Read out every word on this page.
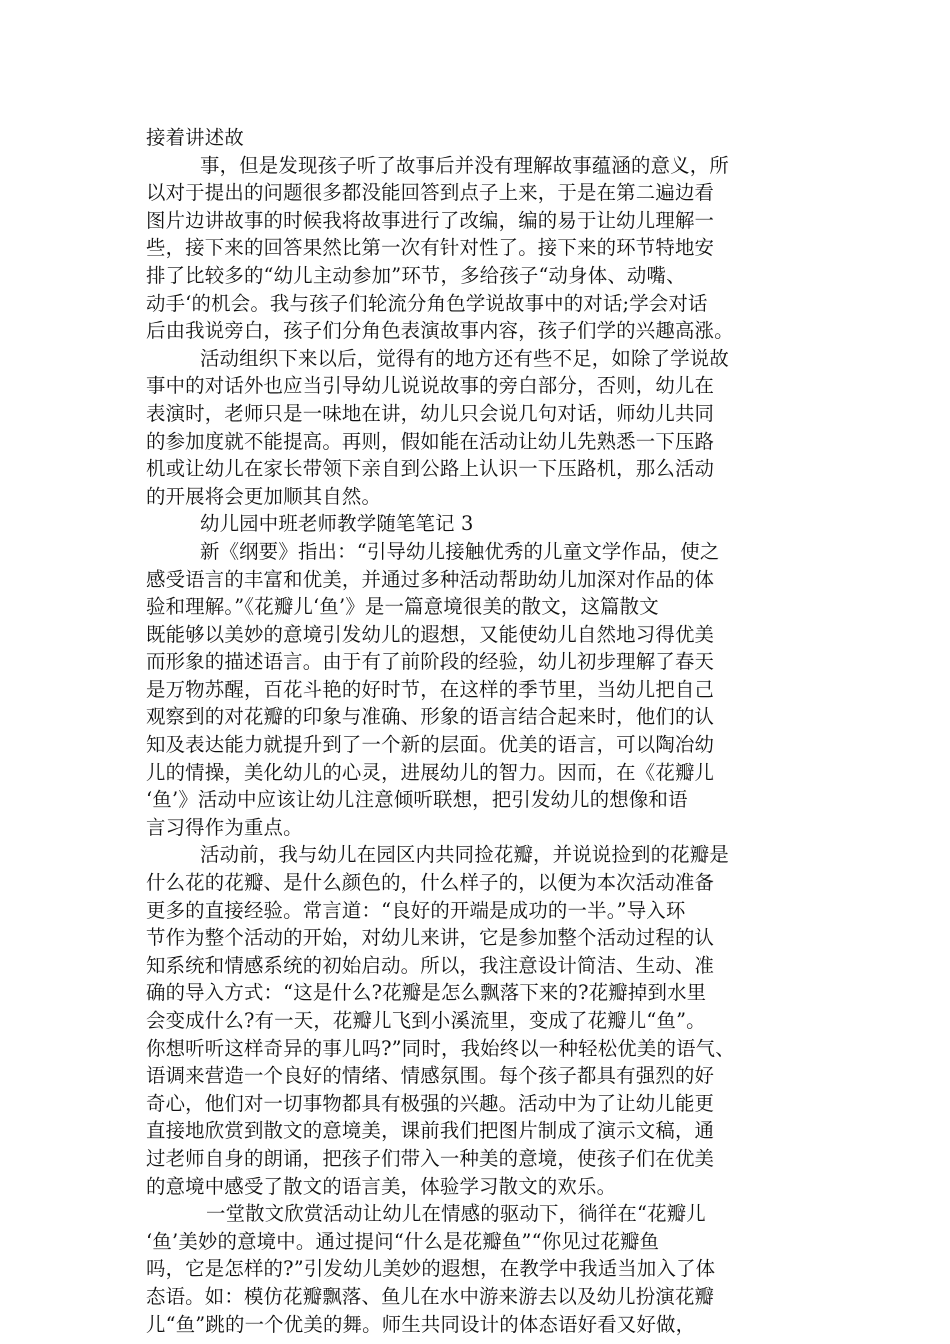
接着讲述故
事，但是发现孩子听了故事后并没有理解故事蕴涵的意义，所
以对于提出的问题很多都没能回答到点子上来，于是在第二遍边看
图片边讲故事的时候我将故事进行了改编，编的易于让幼儿理解一
些，接下来的回答果然比第一次有针对性了。接下来的环节特地安
排了比较多的“幼儿主动参加”环节，多给孩子“动身体、动嘴、
动手‘的机会。我与孩子们轮流分角色学说故事中的对话;学会对话
后由我说旁白，孩子们分角色表演故事内容，孩子们学的兴趣高涨。
活动组织下来以后，觉得有的地方还有些不足，如除了学说故
事中的对话外也应当引导幼儿说说故事的旁白部分，否则，幼儿在
表演时，老师只是一味地在讲，幼儿只会说几句对话，师幼儿共同
的参加度就不能提高。再则，假如能在活动让幼儿先熟悉一下压路
机或让幼儿在家长带领下亲自到公路上认识一下压路机，那么活动
的开展将会更加顺其自然。
幼儿园中班老师教学随笔笔记 3
新《纲要》指出：“引导幼儿接触优秀的儿童文学作品，使之
感受语言的丰富和优美，并通过多种活动帮助幼儿加深对作品的体
验和理解。”《花瓣儿‘鱼’》是一篇意境很美的散文，这篇散文
既能够以美妙的意境引发幼儿的遐想，又能使幼儿自然地习得优美
而形象的描述语言。由于有了前阶段的经验，幼儿初步理解了春天
是万物苏醒，百花斗艳的好时节，在这样的季节里，当幼儿把自己
观察到的对花瓣的印象与准确、形象的语言结合起来时，他们的认
知及表达能力就提升到了一个新的层面。优美的语言，可以陶冶幼
儿的情操，美化幼儿的心灵，进展幼儿的智力。因而，在《花瓣儿
‘鱼’》活动中应该让幼儿注意倾听联想，把引发幼儿的想像和语
言习得作为重点。
活动前，我与幼儿在园区内共同捡花瓣，并说说捡到的花瓣是
什么花的花瓣、是什么颜色的，什么样子的，以便为本次活动准备
更多的直接经验。常言道：“良好的开端是成功的一半。”导入环
节作为整个活动的开始，对幼儿来讲，它是参加整个活动过程的认
知系统和情感系统的初始启动。所以，我注意设计简洁、生动、准
确的导入方式：“这是什么?花瓣是怎么飘落下来的?花瓣掉到水里
会变成什么?有一天，花瓣儿飞到小溪流里，变成了花瓣儿“鱼”。
你想听听这样奇异的事儿吗?”同时，我始终以一种轻松优美的语气、
语调来营造一个良好的情绪、情感氛围。每个孩子都具有强烈的好
奇心，他们对一切事物都具有极强的兴趣。活动中为了让幼儿能更
直接地欣赏到散文的意境美，课前我们把图片制成了演示文稿，通
过老师自身的朗诵，把孩子们带入一种美的意境，使孩子们在优美
的意境中感受了散文的语言美，体验学习散文的欢乐。
一堂散文欣赏活动让幼儿在情感的驱动下，徜徉在“花瓣儿
‘鱼’美妙的意境中。通过提问“什么是花瓣鱼”“你见过花瓣鱼
吗，它是怎样的?”引发幼儿美妙的遐想，在教学中我适当加入了体
态语。如：模仿花瓣飘落、鱼儿在水中游来游去以及幼儿扮演花瓣
儿“鱼”跳的一个优美的舞。师生共同设计的体态语好看又好做，
